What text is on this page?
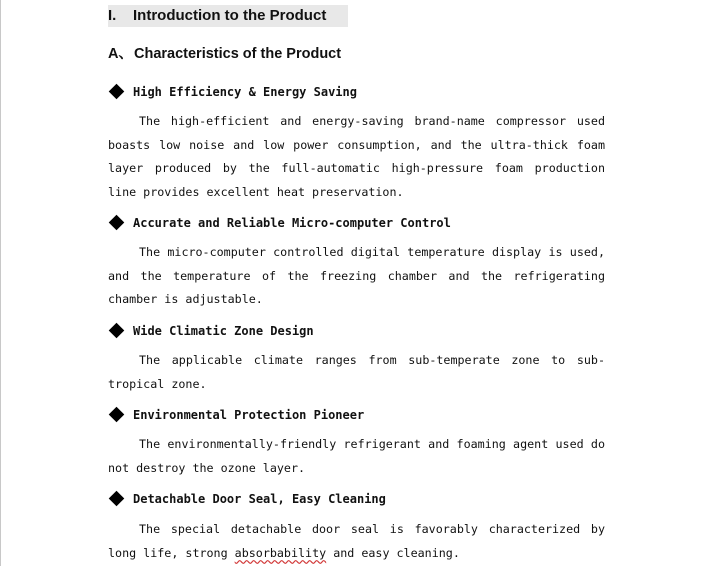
I. Introduction to the Product
A、Characteristics of the Product
High Efficiency & Energy Saving
The high-efficient and energy-saving brand-name compressor used boasts low noise and low power consumption, and the ultra-thick foam layer produced by the full-automatic high-pressure foam production line provides excellent heat preservation.
Accurate and Reliable Micro-computer Control
The micro-computer controlled digital temperature display is used, and the temperature of the freezing chamber and the refrigerating chamber is adjustable.
Wide Climatic Zone Design
The applicable climate ranges from sub-temperate zone to sub-tropical zone.
Environmental Protection Pioneer
The environmentally-friendly refrigerant and foaming agent used do not destroy the ozone layer.
Detachable Door Seal, Easy Cleaning
The special detachable door seal is favorably characterized by long life, strong absorbability and easy cleaning.
